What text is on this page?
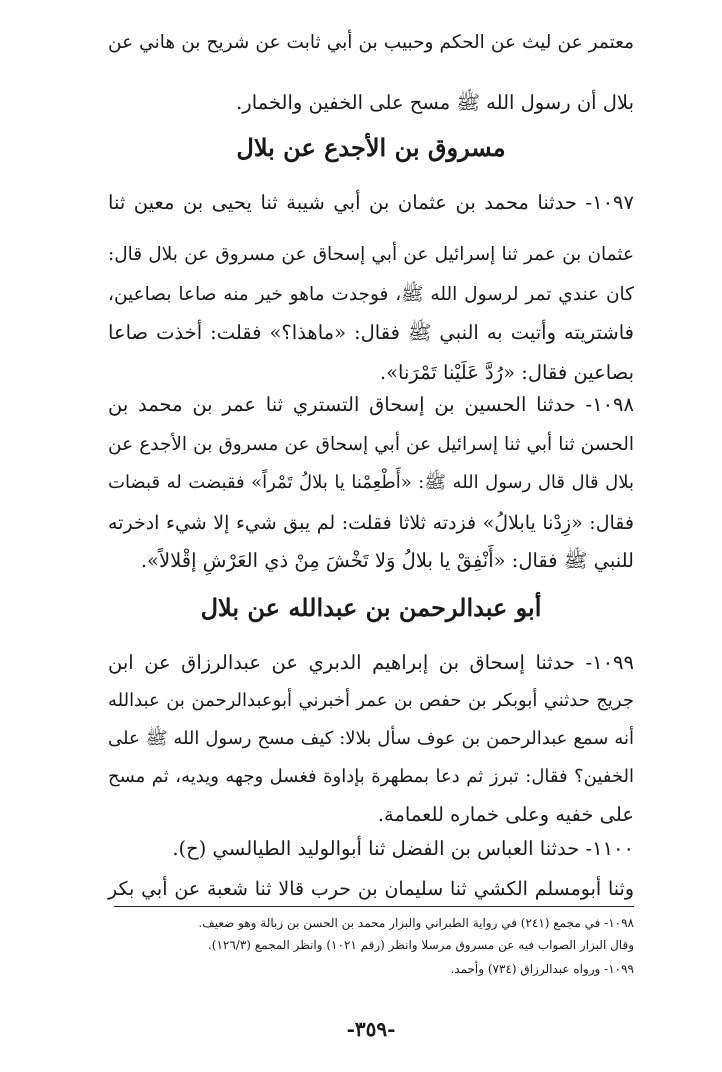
معتمر عن ليث عن الحكم وحبيب بن أبي ثابت عن شريح بن هاني عن
بلال أن رسول الله ﷺ مسح على الخفين والخمار.
مسروق بن الأجدع عن بلال
١٠٩٧- حدثنا محمد بن عثمان بن أبي شيبة ثنا يحيى بن معين ثنا
عثمان بن عمر ثنا إسرائيل عن أبي إسحاق عن مسروق عن بلال قال:
كان عندي تمر لرسول الله ﷺ، فوجدت ماهو خير منه صاعا بصاعين،
فاشتريته وأتيت به النبي ﷺ فقال: «ماهذا؟» فقلت: أخذت صاعا
بصاعين فقال: «رُدَّ عَلَيْنا تَمْرَنا».
١٠٩٨- حدثنا الحسين بن إسحاق التستري ثنا عمر بن محمد بن
الحسن ثنا أبي ثنا إسرائيل عن أبي إسحاق عن مسروق بن الأجدع عن
بلال قال قال رسول الله ﷺ: «أَطْعِمْنا يا بلالُ تَمْراً» فقبضت له قبضات
فقال: «زِدْنا يابلالُ» فزدته ثلاثا فقلت: لم يبق شيء إلا شيء ادخرته
للنبي ﷺ فقال: «أَنْفِقْ يا بلالُ وَلا تَخْشَ مِنْ ذي العَرْشِ إقْلالاً».
أبو عبدالرحمن بن عبدالله عن بلال
١٠٩٩- حدثنا إسحاق بن إبراهيم الدبري عن عبدالرزاق عن ابن
جريج حدثني أبوبكر بن حفص بن عمر أخبرني أبوعبدالرحمن بن عبدالله
أنه سمع عبدالرحمن بن عوف سأل بلالا: كيف مسح رسول الله ﷺ على
الخفين؟ فقال: تبرز ثم دعا بمطهرة بإداوة فغسل وجهه ويديه، ثم مسح
على خفيه وعلى خماره للعمامة.
١١٠٠- حدثنا العباس بن الفضل ثنا أبوالوليد الطيالسي (ح).
وثنا أبومسلم الكشي ثنا سليمان بن حرب قالا ثنا شعبة عن أبي بكر
١٠٩٨- في مجمع (٢٤١) في رواية الطبراني والبزار محمد بن الحسن بن زبالة وهو ضعيف.
وقال البزار الصواب فيه عن مسروق مرسلا وانظر (رقم ١٠٢١) وانظر المجمع (١٢٦/٣).
١٠٩٩- ورواه عبدالرزاق (٧٣٤) وأحمد.
-٣٥٩-
